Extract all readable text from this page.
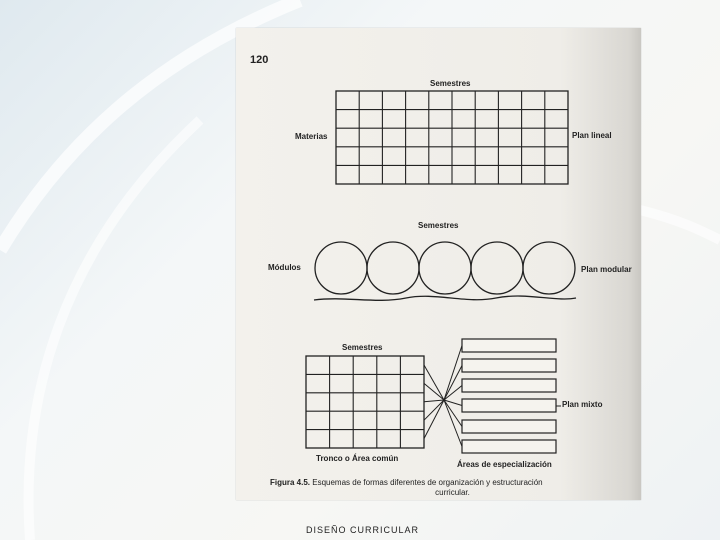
120
Semestres
Materias	Plan lineal
Semestres
Módulos	Plan modular
Semestres
Plan mixto
Tronco o Área común
Áreas de especialización
Figura 4.5. Esquemas de formas diferentes de organización y estructuración
curricular.
DISEÑO CURRICULAR
